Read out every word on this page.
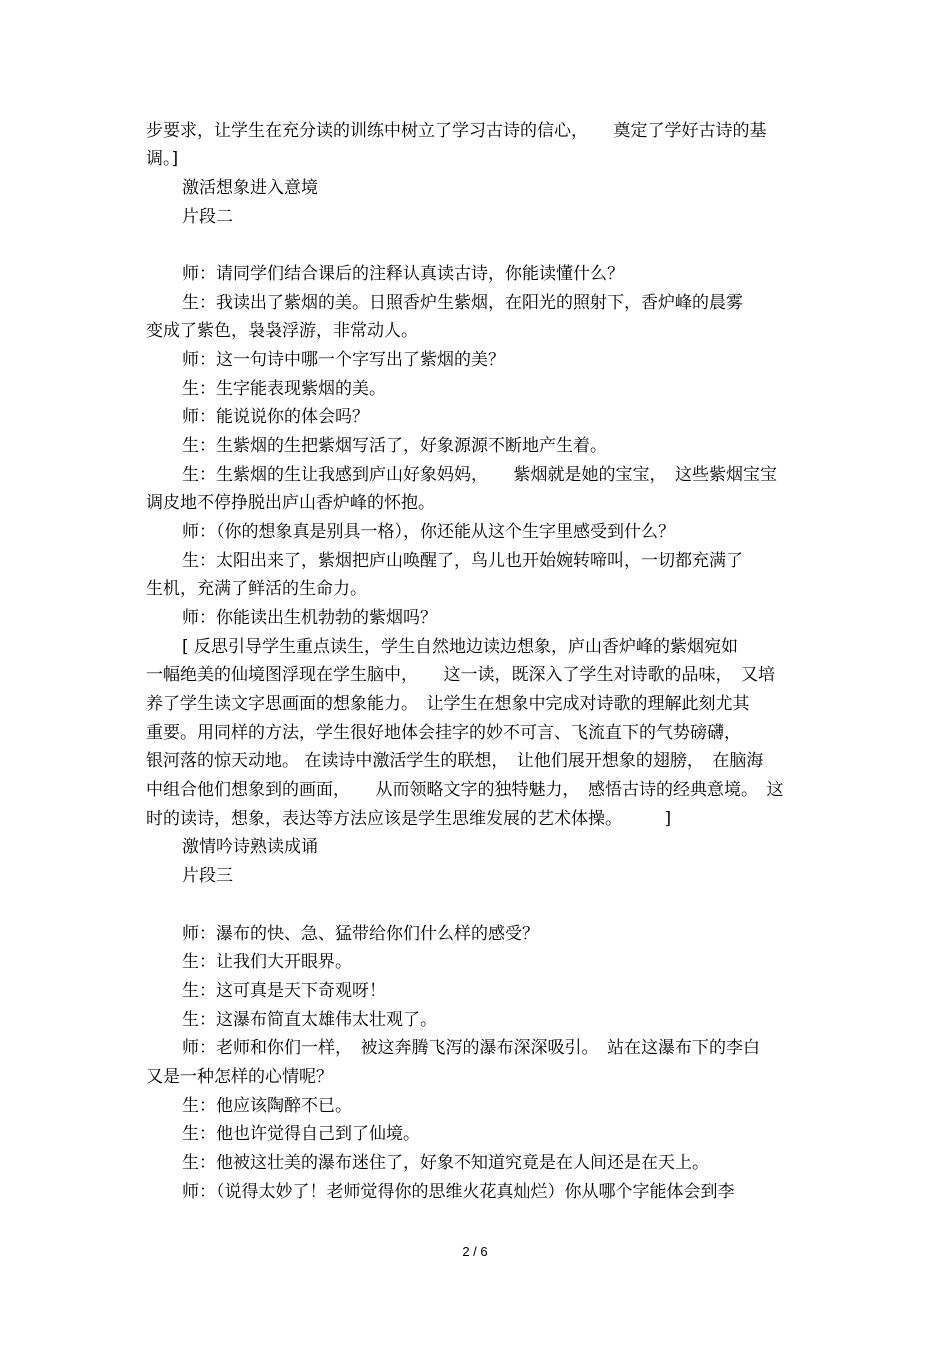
步要求，让学生在充分读的训练中树立了学习古诗的信心，　　奠定了学好古诗的基
调。]
激活想象进入意境
片段二
师：请同学们结合课后的注释认真读古诗，你能读懂什么？
生：我读出了紫烟的美。日照香炉生紫烟，在阳光的照射下，香炉峰的晨雾
变成了紫色，袅袅浮游，非常动人。
师：这一句诗中哪一个字写出了紫烟的美？
生：生字能表现紫烟的美。
师：能说说你的体会吗？
生：生紫烟的生把紫烟写活了，好象源源不断地产生着。
生：生紫烟的生让我感到庐山好象妈妈，　　紫烟就是她的宝宝，　这些紫烟宝宝
调皮地不停挣脱出庐山香炉峰的怀抱。
师：（你的想象真是别具一格），你还能从这个生字里感受到什么？
生：太阳出来了，紫烟把庐山唤醒了，鸟儿也开始婉转啼叫，一切都充满了
生机，充满了鲜活的生命力。
师：你能读出生机勃勃的紫烟吗？
[ 反思引导学生重点读生，学生自然地边读边想象，庐山香炉峰的紫烟宛如
一幅绝美的仙境图浮现在学生脑中，　　这一读，既深入了学生对诗歌的品味，　又培
养了学生读文字思画面的想象能力。　让学生在想象中完成对诗歌的理解此刻尤其
重要。用同样的方法，学生很好地体会挂字的妙不可言、飞流直下的气势磅礴，
银河落的惊天动地。 在读诗中激活学生的联想，　让他们展开想象的翅膀，　在脑海
中组合他们想象到的画面，　　从而领略文字的独特魅力，　感悟古诗的经典意境。　这
时的读诗，想象，表达等方法应该是学生思维发展的艺术体操。　　　]
激情吟诗熟读成诵
片段三
师：瀑布的快、急、猛带给你们什么样的感受？
生：让我们大开眼界。
生：这可真是天下奇观呀！
生：这瀑布简直太雄伟太壮观了。
师：老师和你们一样，　被这奔腾飞泻的瀑布深深吸引。　站在这瀑布下的李白
又是一种怎样的心情呢？
生：他应该陶醉不已。
生：他也许觉得自己到了仙境。
生：他被这壮美的瀑布迷住了，好象不知道究竟是在人间还是在天上。
师：（说得太妙了！老师觉得你的思维火花真灿烂）你从哪个字能体会到李
2 / 6
